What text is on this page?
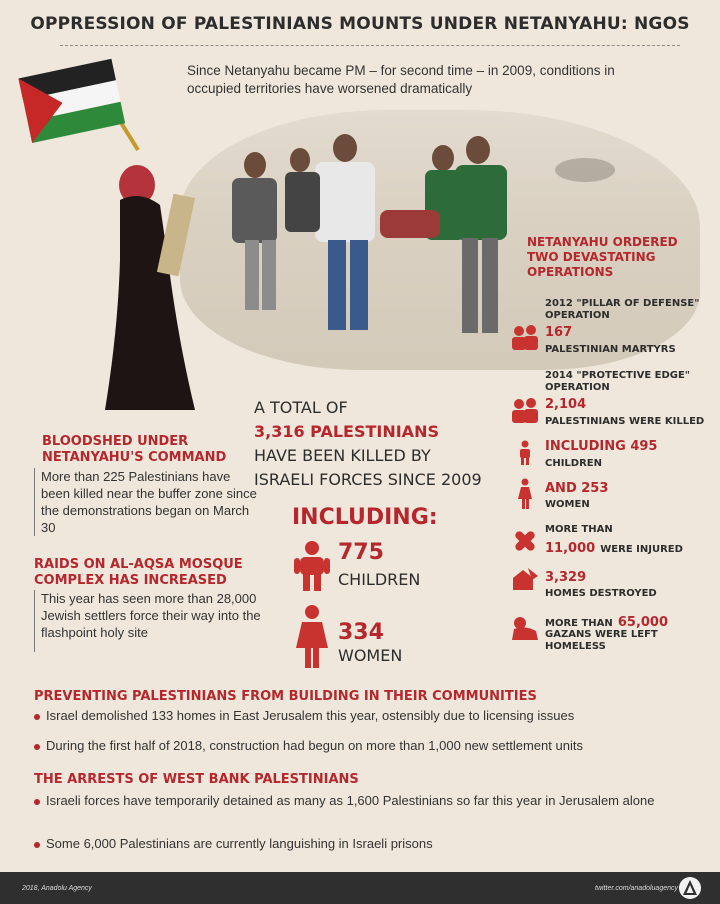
OPPRESSION OF PALESTINIANS MOUNTS UNDER NETANYAHU: NGOS
Since Netanyahu became PM – for second time – in 2009, conditions in occupied territories have worsened dramatically
BLOODSHED UNDER
NETANYAHU'S COMMAND
More than 225 Palestinians have been killed near the buffer zone since the demonstrations began on March 30
RAIDS ON AL-AQSA MOSQUE
COMPLEX HAS INCREASED
This year has seen more than 28,000 Jewish settlers force their way into the flashpoint holy site
A TOTAL OF
3,316 PALESTINIANS
HAVE BEEN KILLED BY
ISRAELI FORCES SINCE 2009
INCLUDING:
775
CHILDREN
334
WOMEN
NETANYAHU ORDERED
TWO DEVASTATING
OPERATIONS
2012 "PILLAR OF DEFENSE"
OPERATION
167
PALESTINIAN MARTYRS
2014 "PROTECTIVE EDGE"
OPERATION
2,104
PALESTINIANS WERE KILLED
INCLUDING 495
CHILDREN
AND 253
WOMEN
MORE THAN
11,000 WERE INJURED
3,329
HOMES DESTROYED
MORE THAN 65,000
GAZANS WERE LEFT
HOMELESS
PREVENTING PALESTINIANS FROM BUILDING IN THEIR COMMUNITIES
Israel demolished 133 homes in East Jerusalem this year, ostensibly due to licensing issues
During the first half of 2018, construction had begun on more than 1,000 new settlement units
THE ARRESTS OF WEST BANK PALESTINIANS
Israeli forces have temporarily detained as many as 1,600 Palestinians so far this year in Jerusalem alone
Some 6,000 Palestinians are currently languishing in Israeli prisons
2018, Anadolu Agency	twitter.com/anadoluagency
